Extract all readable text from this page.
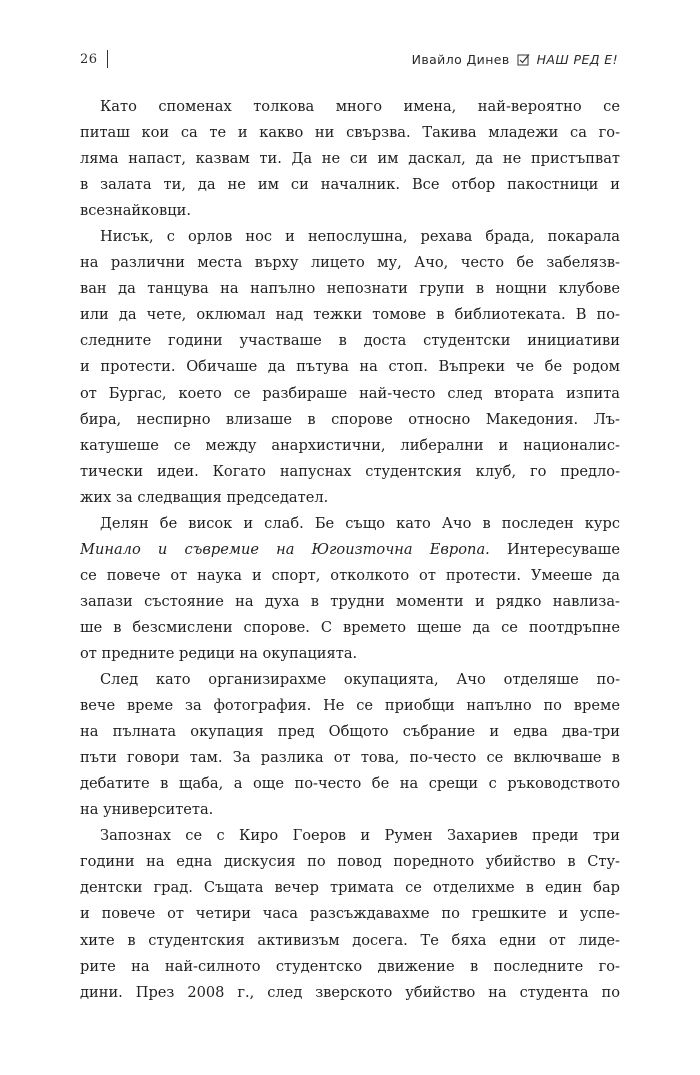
26	Ивайло Динев НАШ РЕД Е!

Като споменах толкова много имена, най-вероятно се
питаш кои са те и какво ни свързва. Такива младежи са го-
ляма напаст, казвам ти. Да не си им даскал, да не пристъпват
в залата ти, да не им си началник. Все отбор пакостници и
всезнайковци.

Нисък, с орлов нос и непослушна, рехава брада, покарала
на различни места върху лицето му, Ачо, често бе забелязв-
ван да танцува на напълно непознати групи в нощни клубове
или да чете, оклюмал над тежки томове в библиотеката. В по-
следните години участваше в доста студентски инициативи
и протести. Обичаше да пътува на стоп. Въпреки че бе родом
от Бургас, което се разбираше най-често след втората изпита
бира, неспирно влизаше в спорове относно Македония. Лъ-
катушеше се между анархистични, либерални и националис-
тически идеи. Когато напуснах студентския клуб, го предло-
жих за следващия председател.

Делян бе висок и слаб. Бе също като Ачо в последен курс
Минало и съвремие на Югоизточна Европа. Интересуваше
се повече от наука и спорт, отколкото от протести. Умееше да
запази състояние на духа в трудни моменти и рядко навлиза-
ше в безсмислени спорове. С времето щеше да се поотдръпне
от предните редици на окупацията.

След като организирахме окупацията, Ачо отделяше по-
вече време за фотография. Не се приобщи напълно по време
на пълната окупация пред Общото събрание и едва два-три
пъти говори там. За разлика от това, по-често се включваше в
дебатите в щаба, а още по-често бе на срещи с ръководството
на университета.

Запознах се с Киро Гоеров и Румен Захариев преди три
години на една дискусия по повод поредното убийство в Сту-
дентски град. Същата вечер тримата се отделихме в един бар
и повече от четири часа разсъждавахме по грешките и успе-
хите в студентския активизъм досега. Те бяха едни от лиде-
рите на най-силното студентско движение в последните го-
дини. През 2008 г., след зверското убийство на студента по
